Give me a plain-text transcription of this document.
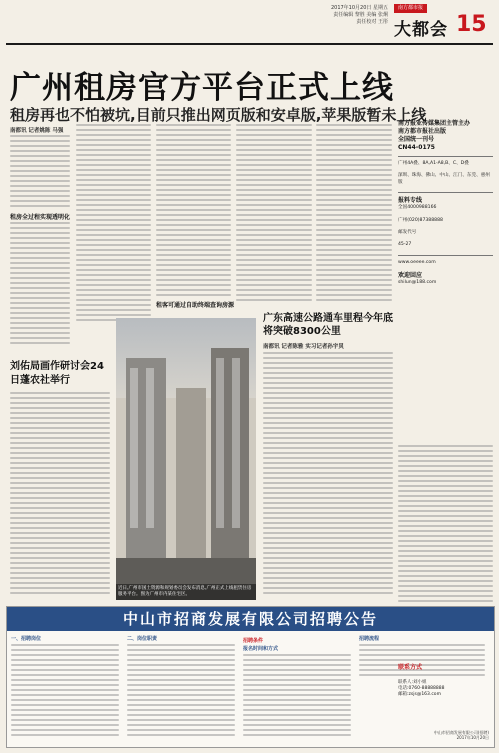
2017年10月20日 星期五
责任编辑 黎胜 美编 张炯
责任校对 王彤
南方都市报
大都会 15
广州租房官方平台正式上线
租房再也不怕被坑,目前只推出网页版和安卓版,苹果版暂未上线
南都讯 记者姚陈 马强
租房全过程实现透明化
租客可通过自助终端查询房源
南方报业传媒集团主管主办
南方都市报社出版
全国统一刊号
CN44-0175
广州4A叠、8A,A1-A8,B、C、D叠
深圳、珠海、佛山、中山、江门、东莞、惠州版
报料专线
全国4000988166
广州(020)87388888
邮发代号
45-27
www.oeeee.com
欢迎回应
shilun@188.com
刘佑局画作研讨会24日蓬农社举行
近日,广州市国土资源和规划委员会发布消息,广州正式上线租赁住房服务平台。图为广州市内某住宅区。
广东高速公路通车里程今年底将突破8300公里
南都讯 记者陈雅 实习记者孙宇炅
中山市招商发展有限公司招聘公告
一、招聘岗位	二、岗位职责
报名时间和方式
招聘条件	招聘流程
联系方式
联系人:刘小姐
电话:0760-88888888
邮箱:zsjs@163.com
中山市招商发展有限公司(招聘)
2017年10月20日
